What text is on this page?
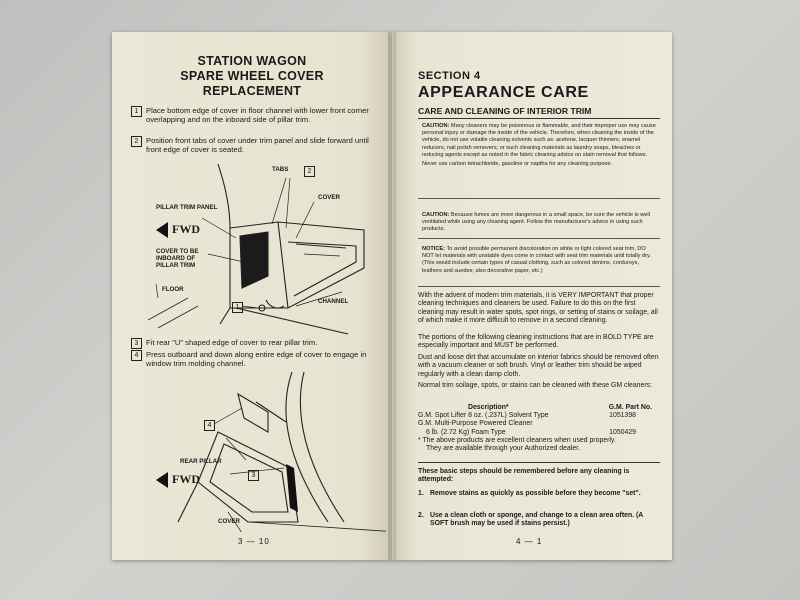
STATION WAGON
SPARE WHEEL COVER
REPLACEMENT
1 Place bottom edge of cover in floor channel with lower front corner overlapping and on the inboard side of pillar trim.
2 Position front tabs of cover under trim panel and slide forward until front edge of cover is seated.
PILLAR TRIM PANEL
TABS	2
COVER
FWD
COVER TO BE
INBOARD OF
PILLAR TRIM
FLOOR
CHANNEL
1
3 Fit rear "U" shaped edge of cover to rear pillar trim.
4 Press outboard and down along entire edge of cover to engage in window trim molding channel.
4
REAR PILLAR
3
FWD
COVER
3 — 10
SECTION 4
APPEARANCE CARE
CARE AND CLEANING OF INTERIOR TRIM
CAUTION: Many cleaners may be poisonous or flammable, and their improper use may cause personal injury or damage the inside of the vehicle. Therefore, when cleaning the inside of the vehicle, do not use volatile cleaning solvents such as: acetone, lacquer thinners, enamel reducers, nail polish removers; or such cleaning materials as laundry soaps, bleaches or reducing agents except as noted in the fabric cleaning advice on stain removal that follows.
Never use carbon tetrachloride, gasoline or naptha for any cleaning purpose.
CAUTION: Because fumes are more dangerous in a small space, be sure the vehicle is well ventilated while using any cleaning agent. Follow the manufacturer's advice in using such products.
NOTICE: To avoid possible permanent discoloration on white or light colored seat trim, DO NOT let materials with unstable dyes come in contact with seat trim materials until totally dry. (This would include certain types of casual clothing, such as colored denims, corduroys, leathers and suedes; also decorative paper, etc.)
With the advent of modern trim materials, it is VERY IMPORTANT that proper cleaning techniques and cleaners be used. Failure to do this on the first cleaning may result in water spots, spot rings, or setting of stains or soilage, all of which make it more difficult to remove in a second cleaning.
The portions of the following cleaning instructions that are in BOLD TYPE are especially important and MUST be performed.
Dust and loose dirt that accumulate on interior fabrics should be removed often with a vacuum cleaner or soft brush. Vinyl or leather trim should be wiped regularly with a clean damp cloth.
Normal trim soilage, spots, or stains can be cleaned with these GM cleaners:
Description*	G.M. Part No.
G.M. Spot Lifter 8 oz. (.237L) Solvent Type	1051398
G.M. Multi-Purpose Powered Cleaner
6 lb. (2.72 Kg) Foam Type	1050429
* The above products are excellent cleaners when used properly.
They are available through your Authorized dealer.
These basic steps should be remembered before any cleaning is attempted:
1. Remove stains as quickly as possible before they become "set".
2. Use a clean cloth or sponge, and change to a clean area often. (A SOFT brush may be used if stains persist.)
4 — 1
